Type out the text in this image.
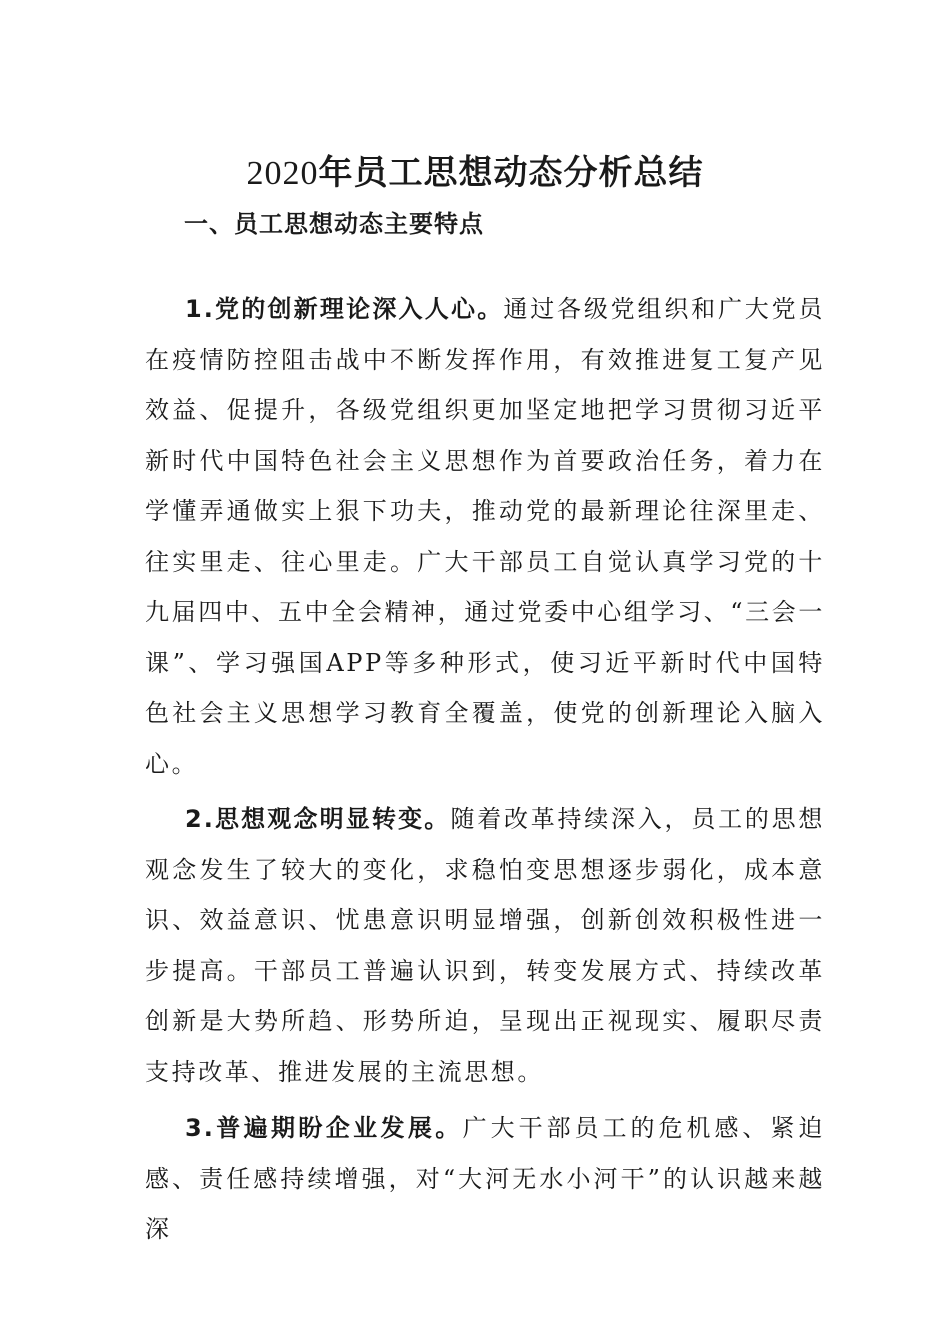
2020年员工思想动态分析总结
一、员工思想动态主要特点

1.党的创新理论深入人心。通过各级党组织和广大党员在疫情防控阻击战中不断发挥作用，有效推进复工复产见效益、促提升，各级党组织更加坚定地把学习贯彻习近平新时代中国特色社会主义思想作为首要政治任务，着力在学懂弄通做实上狠下功夫，推动党的最新理论往深里走、往实里走、往心里走。广大干部员工自觉认真学习党的十九届四中、五中全会精神，通过党委中心组学习、“三会一课”、学习强国APP等多种形式，使习近平新时代中国特色社会主义思想学习教育全覆盖，使党的创新理论入脑入心。

2.思想观念明显转变。随着改革持续深入，员工的思想观念发生了较大的变化，求稳怕变思想逐步弱化，成本意识、效益意识、忧患意识明显增强，创新创效积极性进一步提高。干部员工普遍认识到，转变发展方式、持续改革创新是大势所趋、形势所迫，呈现出正视现实、履职尽责支持改革、推进发展的主流思想。

3.普遍期盼企业发展。广大干部员工的危机感、紧迫感、责任感持续增强，对“大河无水小河干”的认识越来越深
